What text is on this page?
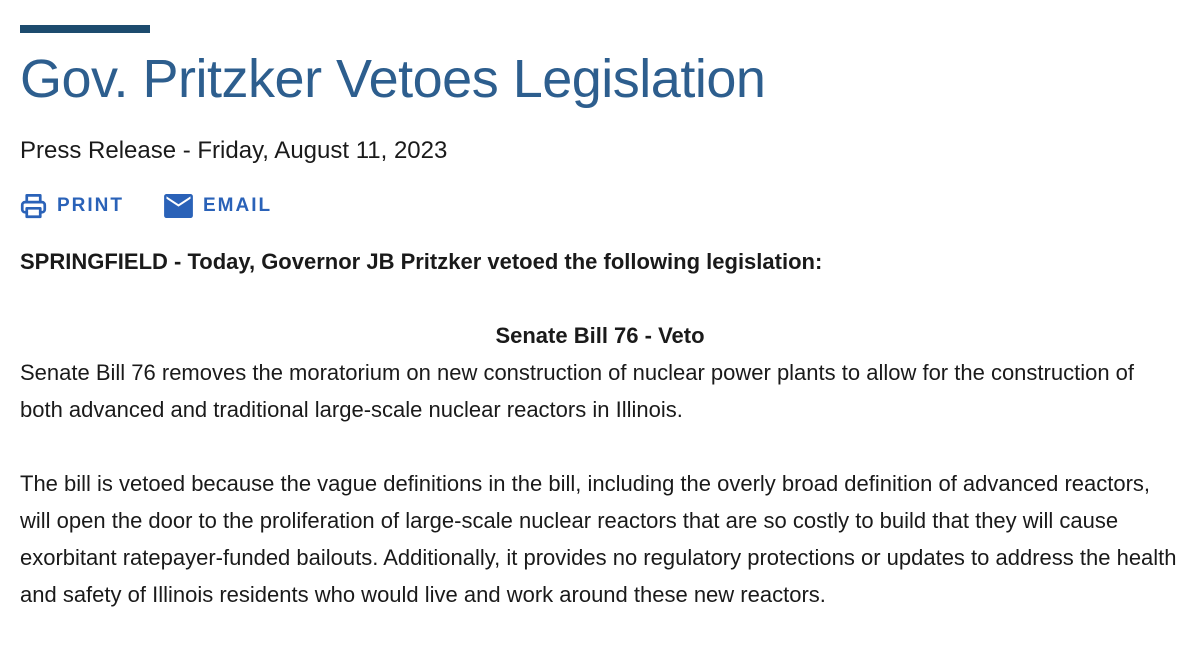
Gov. Pritzker Vetoes Legislation
Press Release - Friday, August 11, 2023
PRINT	EMAIL

SPRINGFIELD - Today, Governor JB Pritzker vetoed the following legislation:

Senate Bill 76 - Veto

Senate Bill 76 removes the moratorium on new construction of nuclear power plants to allow for the construction of both advanced and traditional large-scale nuclear reactors in Illinois.

The bill is vetoed because the vague definitions in the bill, including the overly broad definition of advanced reactors, will open the door to the proliferation of large-scale nuclear reactors that are so costly to build that they will cause exorbitant ratepayer-funded bailouts. Additionally, it provides no regulatory protections or updates to address the health and safety of Illinois residents who would live and work around these new reactors.
